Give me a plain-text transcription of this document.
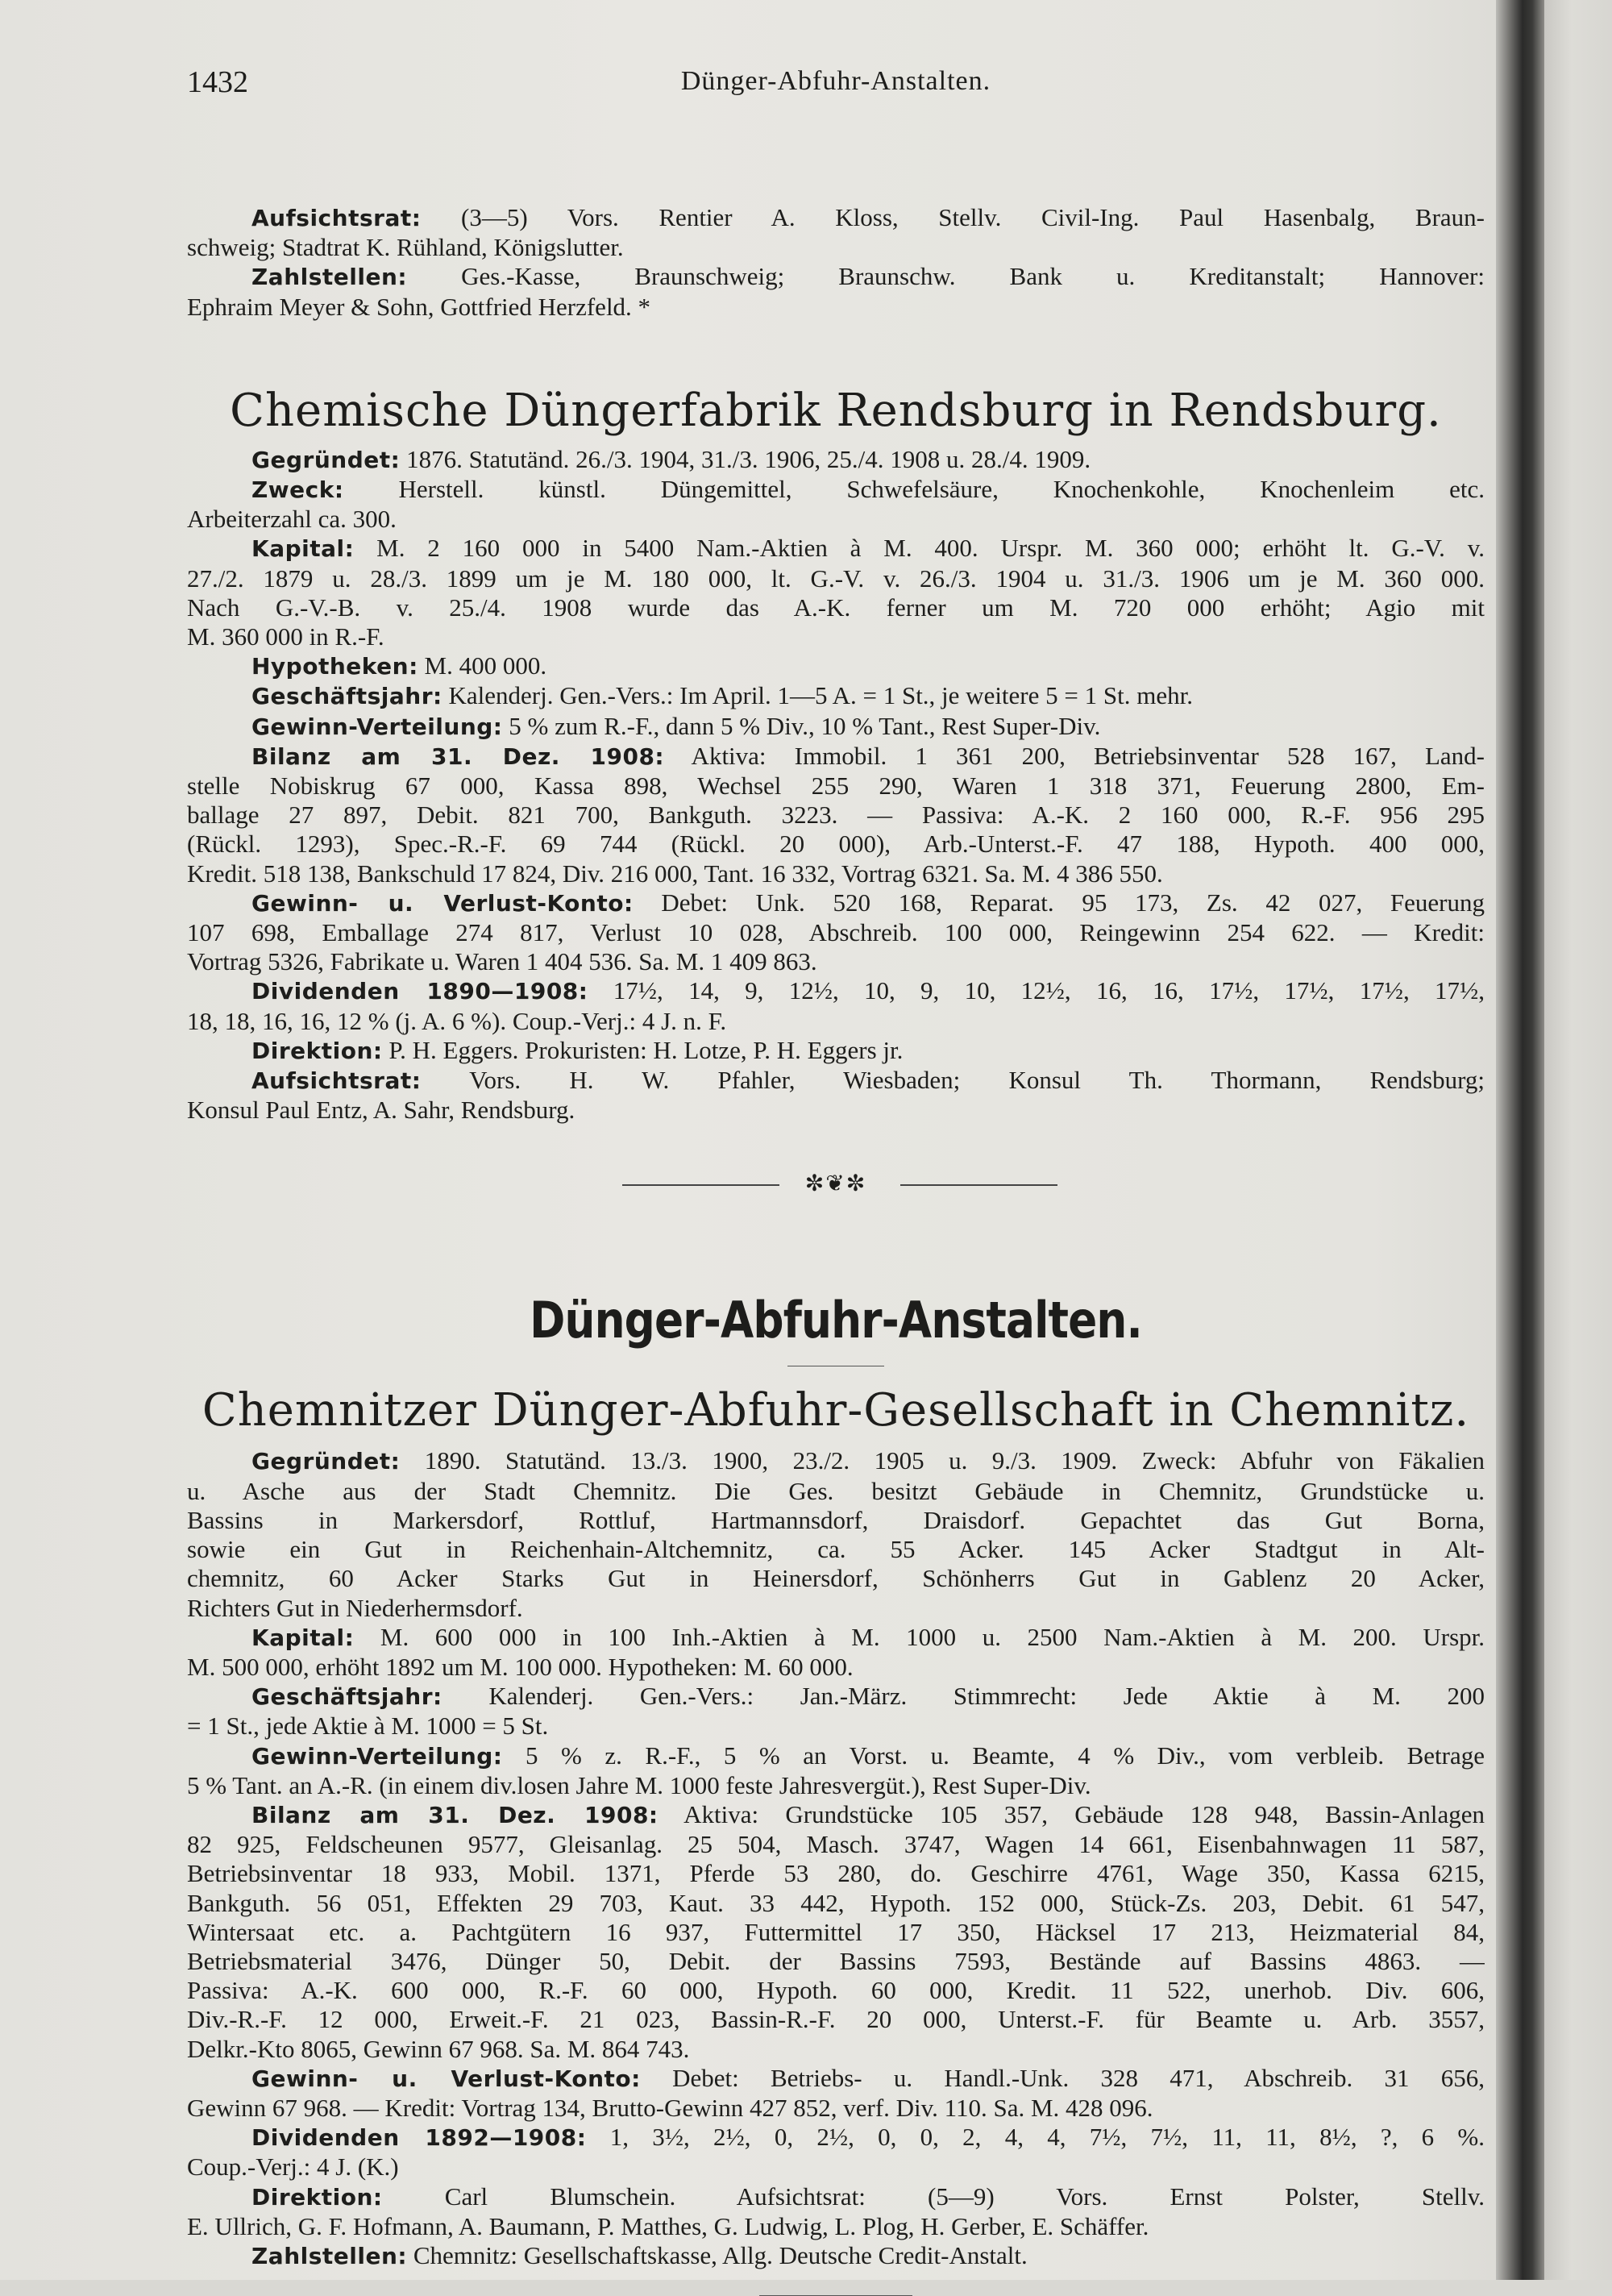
1432	Dünger-Abfuhr-Anstalten.

Aufsichtsrat: (3—5) Vors. Rentier A. Kloss, Stellv. Civil-Ing. Paul Hasenbalg, Braun-

schweig; Stadtrat K. Rühland, Königslutter.

Zahlstellen: Ges.-Kasse, Braunschweig; Braunschw. Bank u. Kreditanstalt; Hannover:

Ephraim Meyer & Sohn, Gottfried Herzfeld. *

Chemische Düngerfabrik Rendsburg in Rendsburg.

Gegründet: 1876. Statutänd. 26./3. 1904, 31./3. 1906, 25./4. 1908 u. 28./4. 1909.

Zweck: Herstell. künstl. Düngemittel, Schwefelsäure, Knochenkohle, Knochenleim etc.

Arbeiterzahl ca. 300.

Kapital: M. 2 160 000 in 5400 Nam.-Aktien à M. 400. Urspr. M. 360 000; erhöht lt. G.-V. v.

27./2. 1879 u. 28./3. 1899 um je M. 180 000, lt. G.-V. v. 26./3. 1904 u. 31./3. 1906 um je M. 360 000.

Nach G.-V.-B. v. 25./4. 1908 wurde das A.-K. ferner um M. 720 000 erhöht; Agio mit

M. 360 000 in R.-F.

Hypotheken: M. 400 000.

Geschäftsjahr: Kalenderj. Gen.-Vers.: Im April. 1—5 A. = 1 St., je weitere 5 = 1 St. mehr.

Gewinn-Verteilung: 5 % zum R.-F., dann 5 % Div., 10 % Tant., Rest Super-Div.

Bilanz am 31. Dez. 1908: Aktiva: Immobil. 1 361 200, Betriebsinventar 528 167, Land-

stelle Nobiskrug 67 000, Kassa 898, Wechsel 255 290, Waren 1 318 371, Feuerung 2800, Em-

ballage 27 897, Debit. 821 700, Bankguth. 3223. — Passiva: A.-K. 2 160 000, R.-F. 956 295

(Rückl. 1293), Spec.-R.-F. 69 744 (Rückl. 20 000), Arb.-Unterst.-F. 47 188, Hypoth. 400 000,

Kredit. 518 138, Bankschuld 17 824, Div. 216 000, Tant. 16 332, Vortrag 6321. Sa. M. 4 386 550.

Gewinn- u. Verlust-Konto: Debet: Unk. 520 168, Reparat. 95 173, Zs. 42 027, Feuerung

107 698, Emballage 274 817, Verlust 10 028, Abschreib. 100 000, Reingewinn 254 622. — Kredit:

Vortrag 5326, Fabrikate u. Waren 1 404 536. Sa. M. 1 409 863.

Dividenden 1890—1908: 17½, 14, 9, 12½, 10, 9, 10, 12½, 16, 16, 17½, 17½, 17½, 17½,

18, 18, 16, 16, 12 % (j. A. 6 %). Coup.-Verj.: 4 J. n. F.

Direktion: P. H. Eggers. Prokuristen: H. Lotze, P. H. Eggers jr.

Aufsichtsrat: Vors. H. W. Pfahler, Wiesbaden; Konsul Th. Thormann, Rendsburg;

Konsul Paul Entz, A. Sahr, Rendsburg.

✼❦✼
Dünger-Abfuhr-Anstalten.
Chemnitzer Dünger-Abfuhr-Gesellschaft in Chemnitz.

Gegründet: 1890. Statutänd. 13./3. 1900, 23./2. 1905 u. 9./3. 1909. Zweck: Abfuhr von Fäkalien

u. Asche aus der Stadt Chemnitz. Die Ges. besitzt Gebäude in Chemnitz, Grundstücke u.

Bassins in Markersdorf, Rottluf, Hartmannsdorf, Draisdorf. Gepachtet das Gut Borna,

sowie ein Gut in Reichenhain-Altchemnitz, ca. 55 Acker. 145 Acker Stadtgut in Alt-

chemnitz, 60 Acker Starks Gut in Heinersdorf, Schönherrs Gut in Gablenz 20 Acker,

Richters Gut in Niederhermsdorf.

Kapital: M. 600 000 in 100 Inh.-Aktien à M. 1000 u. 2500 Nam.-Aktien à M. 200. Urspr.

M. 500 000, erhöht 1892 um M. 100 000. Hypotheken: M. 60 000.

Geschäftsjahr: Kalenderj. Gen.-Vers.: Jan.-März. Stimmrecht: Jede Aktie à M. 200

= 1 St., jede Aktie à M. 1000 = 5 St.

Gewinn-Verteilung: 5 % z. R.-F., 5 % an Vorst. u. Beamte, 4 % Div., vom verbleib. Betrage

5 % Tant. an A.-R. (in einem div.losen Jahre M. 1000 feste Jahresvergüt.), Rest Super-Div.

Bilanz am 31. Dez. 1908: Aktiva: Grundstücke 105 357, Gebäude 128 948, Bassin-Anlagen

82 925, Feldscheunen 9577, Gleisanlag. 25 504, Masch. 3747, Wagen 14 661, Eisenbahnwagen 11 587,

Betriebsinventar 18 933, Mobil. 1371, Pferde 53 280, do. Geschirre 4761, Wage 350, Kassa 6215,

Bankguth. 56 051, Effekten 29 703, Kaut. 33 442, Hypoth. 152 000, Stück-Zs. 203, Debit. 61 547,

Wintersaat etc. a. Pachtgütern 16 937, Futtermittel 17 350, Häcksel 17 213, Heizmaterial 84,

Betriebsmaterial 3476, Dünger 50, Debit. der Bassins 7593, Bestände auf Bassins 4863. —

Passiva: A.-K. 600 000, R.-F. 60 000, Hypoth. 60 000, Kredit. 11 522, unerhob. Div. 606,

Div.-R.-F. 12 000, Erweit.-F. 21 023, Bassin-R.-F. 20 000, Unterst.-F. für Beamte u. Arb. 3557,

Delkr.-Kto 8065, Gewinn 67 968. Sa. M. 864 743.

Gewinn- u. Verlust-Konto: Debet: Betriebs- u. Handl.-Unk. 328 471, Abschreib. 31 656,

Gewinn 67 968. — Kredit: Vortrag 134, Brutto-Gewinn 427 852, verf. Div. 110. Sa. M. 428 096.

Dividenden 1892—1908: 1, 3½, 2½, 0, 2½, 0, 0, 2, 4, 4, 7½, 7½, 11, 11, 8½, ?, 6 %.

Coup.-Verj.: 4 J. (K.)

Direktion: Carl Blumschein. Aufsichtsrat: (5—9) Vors. Ernst Polster, Stellv.

E. Ullrich, G. F. Hofmann, A. Baumann, P. Matthes, G. Ludwig, L. Plog, H. Gerber, E. Schäffer.

Zahlstellen: Chemnitz: Gesellschaftskasse, Allg. Deutsche Credit-Anstalt.
